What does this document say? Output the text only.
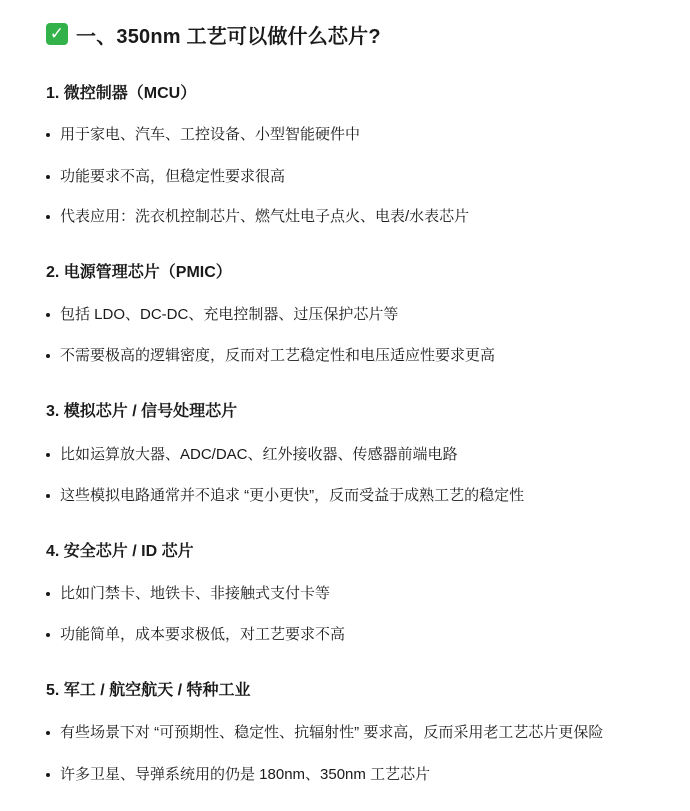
✓ 一、350nm 工艺可以做什么芯片?
1. 微控制器（MCU）
用于家电、汽车、工控设备、小型智能硬件中
功能要求不高，但稳定性要求很高
代表应用：洗衣机控制芯片、燃气灶电子点火、电表/水表芯片
2. 电源管理芯片（PMIC）
包括 LDO、DC-DC、充电控制器、过压保护芯片等
不需要极高的逻辑密度，反而对工艺稳定性和电压适应性要求更高
3. 模拟芯片 / 信号处理芯片
比如运算放大器、ADC/DAC、红外接收器、传感器前端电路
这些模拟电路通常并不追求 “更小更快”，反而受益于成熟工艺的稳定性
4. 安全芯片 / ID 芯片
比如门禁卡、地铁卡、非接触式支付卡等
功能简单，成本要求极低，对工艺要求不高
5. 军工 / 航空航天 / 特种工业
有些场景下对 “可预期性、稳定性、抗辐射性” 要求高，反而采用老工艺芯片更保险
许多卫星、导弹系统用的仍是 180nm、350nm 工艺芯片
